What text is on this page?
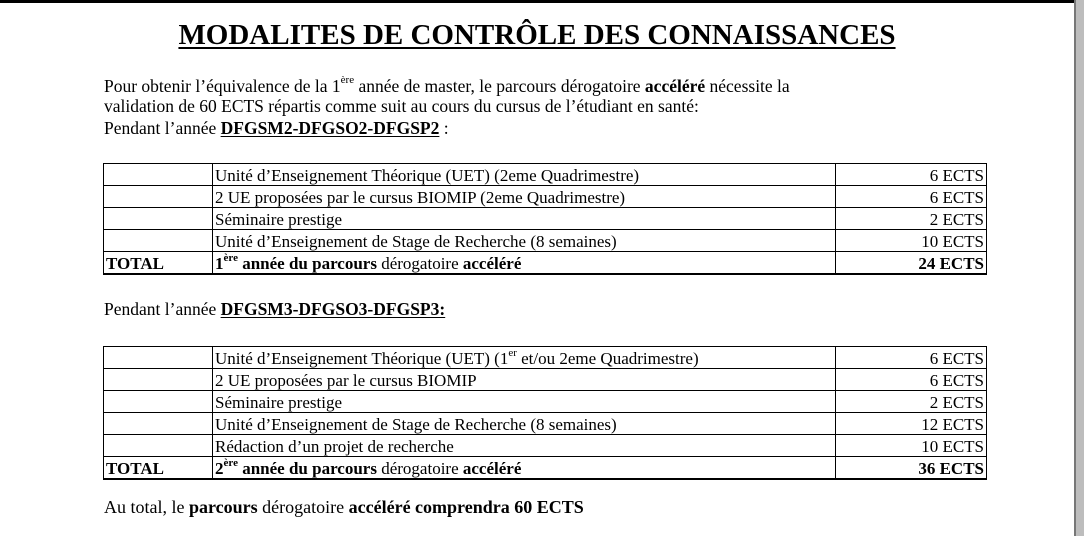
MODALITES DE CONTRÔLE DES CONNAISSANCES
Pour obtenir l’équivalence de la 1ère année de master, le parcours dérogatoire accéléré nécessite la
validation de 60 ECTS répartis comme suit au cours du cursus de l’étudiant en santé:
Pendant l’année DFGSM2-DFGSO2-DFGSP2 :
	Unité d’Enseignement Théorique (UET) (2eme Quadrimestre)	6 ECTS
	2 UE proposées par le cursus BIOMIP (2eme Quadrimestre)	6 ECTS
	Séminaire prestige	2 ECTS
	Unité d’Enseignement de Stage de Recherche (8 semaines)	10 ECTS
TOTAL	1ère année du parcours dérogatoire accéléré	24 ECTS
Pendant l’année DFGSM3-DFGSO3-DFGSP3:
	Unité d’Enseignement Théorique (UET) (1er et/ou 2eme Quadrimestre)	6 ECTS
	2 UE proposées par le cursus BIOMIP	6 ECTS
	Séminaire prestige	2 ECTS
	Unité d’Enseignement de Stage de Recherche (8 semaines)	12 ECTS
	Rédaction d’un projet de recherche	10 ECTS
TOTAL	2ère année du parcours dérogatoire accéléré	36 ECTS
Au total, le parcours dérogatoire accéléré comprendra 60 ECTS
